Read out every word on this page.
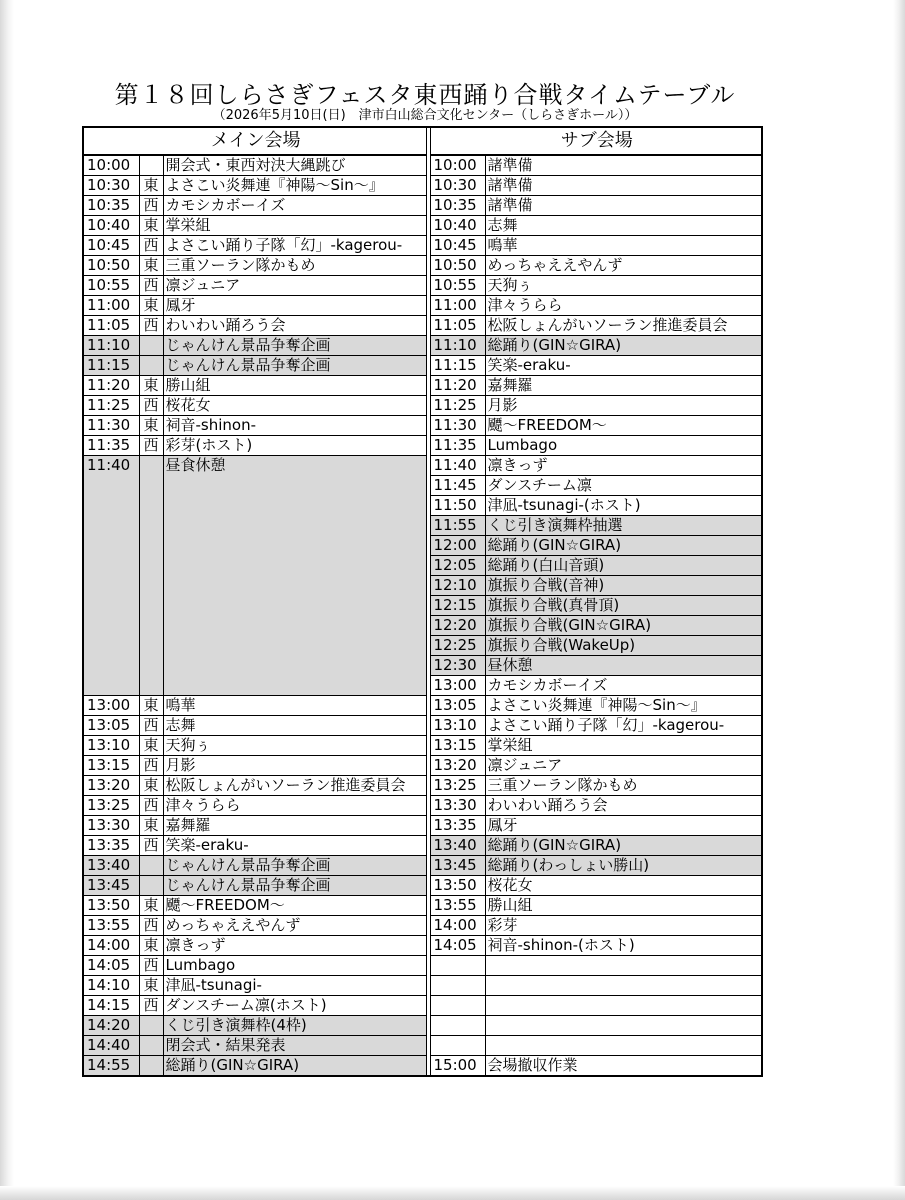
第１８回しらさぎフェスタ東西踊り合戦タイムテーブル
（2026年5月10日(日)　津市白山総合文化センター（しらさぎホール））
メイン会場				サブ会場	
10:00		開会式・東西対決大縄跳び		10:00	諸準備
10:30	東	よさこい炎舞連『神陽～Sin～』		10:30	諸準備
10:35	西	カモシカボーイズ		10:35	諸準備
10:40	東	掌栄組		10:40	志舞
10:45	西	よさこい踊り子隊「幻」-kagerou-		10:45	鳴華
10:50	東	三重ソーラン隊かもめ		10:50	めっちゃええやんず
10:55	西	凛ジュニア		10:55	天狗ぅ
11:00	東	鳳牙		11:00	津々うらら
11:05	西	わいわい踊ろう会		11:05	松阪しょんがいソーラン推進委員会
11:10		じゃんけん景品争奪企画		11:10	総踊り(GIN☆GIRA)
11:15		じゃんけん景品争奪企画		11:15	笑楽-eraku-
11:20	東	勝山組		11:20	嘉舞羅
11:25	西	桜花女		11:25	月影
11:30	東	祠音-shinon-		11:30	飃～FREEDOM～
11:35	西	彩芽(ホスト)		11:35	Lumbago
11:40		昼食休憩		11:40	凛きっず
				11:45	ダンスチーム凛
				11:50	津凪-tsunagi-(ホスト)
				11:55	くじ引き演舞枠抽選
				12:00	総踊り(GIN☆GIRA)
				12:05	総踊り(白山音頭)
				12:10	旗振り合戦(音神)
				12:15	旗振り合戦(真骨頂)
				12:20	旗振り合戦(GIN☆GIRA)
				12:25	旗振り合戦(WakeUp)
				12:30	昼休憩
				13:00	カモシカボーイズ
13:00	東	鳴華		13:05	よさこい炎舞連『神陽～Sin～』
13:05	西	志舞		13:10	よさこい踊り子隊「幻」-kagerou-
13:10	東	天狗ぅ		13:15	掌栄組
13:15	西	月影		13:20	凛ジュニア
13:20	東	松阪しょんがいソーラン推進委員会		13:25	三重ソーラン隊かもめ
13:25	西	津々うらら		13:30	わいわい踊ろう会
13:30	東	嘉舞羅		13:35	鳳牙
13:35	西	笑楽-eraku-		13:40	総踊り(GIN☆GIRA)
13:40		じゃんけん景品争奪企画		13:45	総踊り(わっしょい勝山)
13:45		じゃんけん景品争奪企画		13:50	桜花女
13:50	東	飃～FREEDOM～		13:55	勝山組
13:55	西	めっちゃええやんず		14:00	彩芽
14:00	東	凛きっず		14:05	祠音-shinon-(ホスト)
14:05	西	Lumbago			
14:10	東	津凪-tsunagi-			
14:15	西	ダンスチーム凛(ホスト)			
14:20		くじ引き演舞枠(4枠)			
14:40		閉会式・結果発表			
14:55		総踊り(GIN☆GIRA)		15:00	会場撤収作業
